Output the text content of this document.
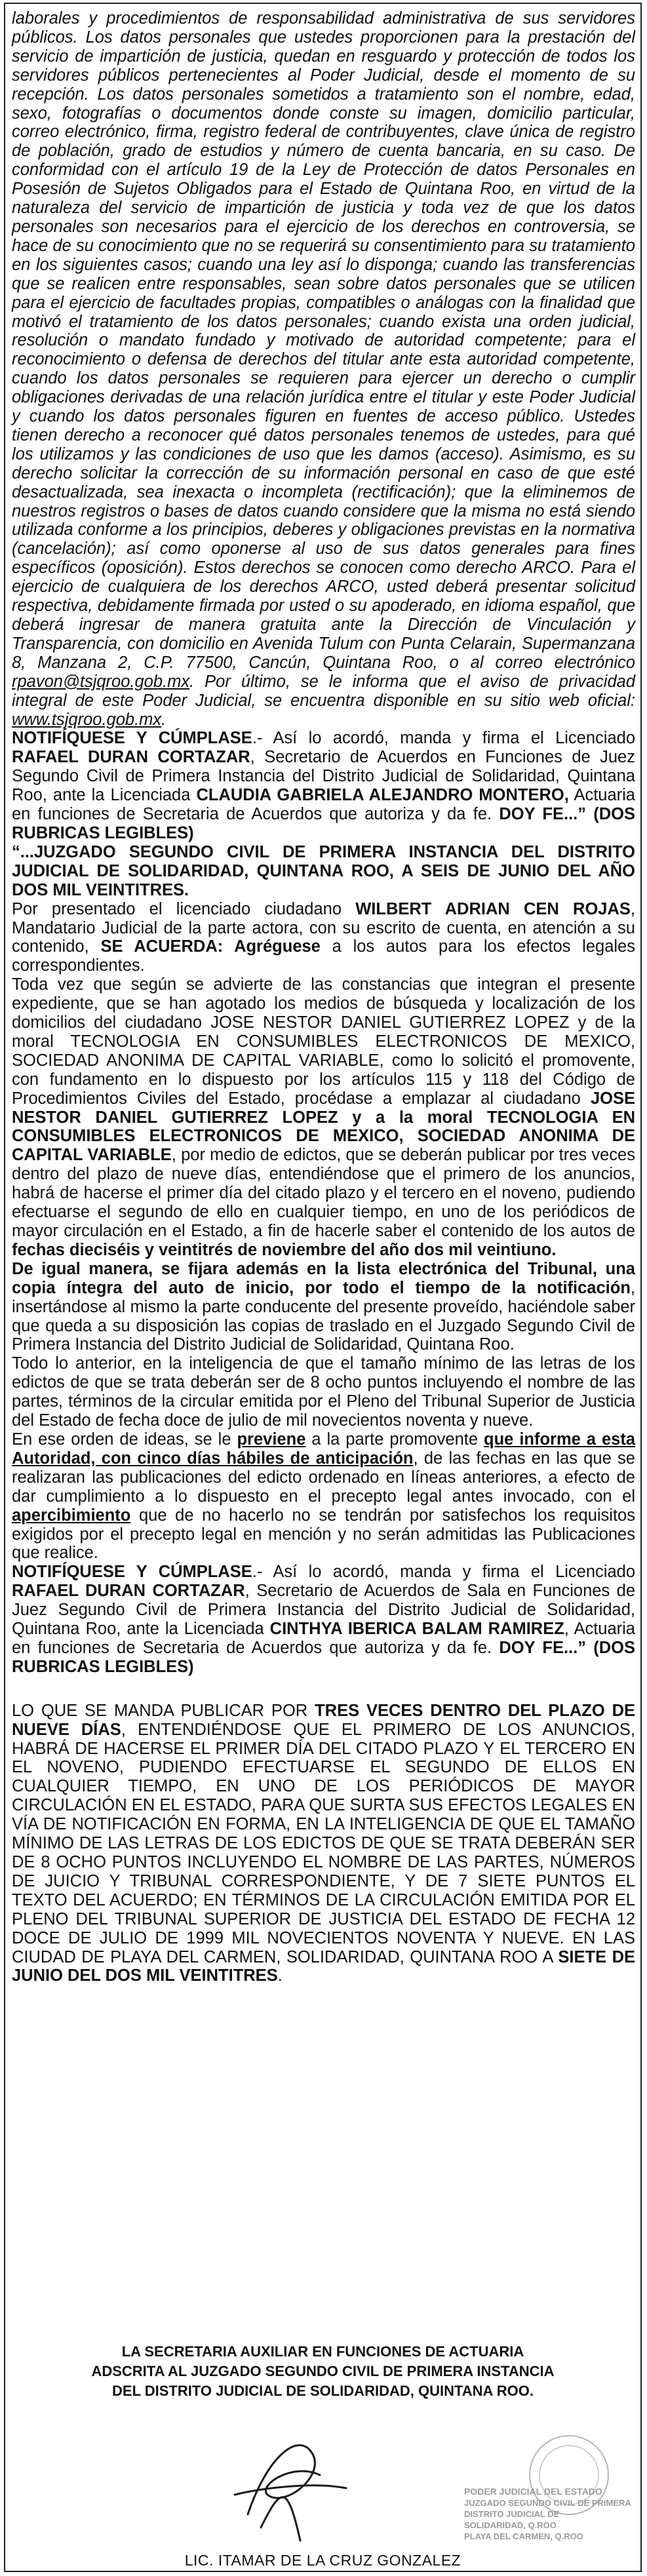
laborales y procedimientos de responsabilidad administrativa de sus servidores públicos. Los datos personales que ustedes proporcionen para la prestación del servicio de impartición de justicia, quedan en resguardo y protección de todos los servidores públicos pertenecientes al Poder Judicial, desde el momento de su recepción. Los datos personales sometidos a tratamiento son el nombre, edad, sexo, fotografías o documentos donde conste su imagen, domicilio particular, correo electrónico, firma, registro federal de contribuyentes, clave única de registro de población, grado de estudios y número de cuenta bancaria, en su caso. De conformidad con el artículo 19 de la Ley de Protección de datos Personales en Posesión de Sujetos Obligados para el Estado de Quintana Roo, en virtud de la naturaleza del servicio de impartición de justicia y toda vez de que los datos personales son necesarios para el ejercicio de los derechos en controversia, se hace de su conocimiento que no se requerirá su consentimiento para su tratamiento en los siguientes casos; cuando una ley así lo disponga; cuando las transferencias que se realicen entre responsables, sean sobre datos personales que se utilicen para el ejercicio de facultades propias, compatibles o análogas con la finalidad que motivó el tratamiento de los datos personales; cuando exista una orden judicial, resolución o mandato fundado y motivado de autoridad competente; para el reconocimiento o defensa de derechos del titular ante esta autoridad competente, cuando los datos personales se requieren para ejercer un derecho o cumplir obligaciones derivadas de una relación jurídica entre el titular y este Poder Judicial y cuando los datos personales figuren en fuentes de acceso público. Ustedes tienen derecho a reconocer qué datos personales tenemos de ustedes, para qué los utilizamos y las condiciones de uso que les damos (acceso). Asimismo, es su derecho solicitar la corrección de su información personal en caso de que esté desactualizada, sea inexacta o incompleta (rectificación); que la eliminemos de nuestros registros o bases de datos cuando considere que la misma no está siendo utilizada conforme a los principios, deberes y obligaciones previstas en la normativa (cancelación); así como oponerse al uso de sus datos generales para fines específicos (oposición). Estos derechos se conocen como derecho ARCO. Para el ejercicio de cualquiera de los derechos ARCO, usted deberá presentar solicitud respectiva, debidamente firmada por usted o su apoderado, en idioma español, que deberá ingresar de manera gratuita ante la Dirección de Vinculación y Transparencia, con domicilio en Avenida Tulum con Punta Celarain, Supermanzana 8, Manzana 2, C.P. 77500, Cancún, Quintana Roo, o al correo electrónico rpavon@tsjqroo.gob.mx. Por último, se le informa que el aviso de privacidad integral de este Poder Judicial, se encuentra disponible en su sitio web oficial: www.tsjqroo.gob.mx.

NOTIFÍQUESE Y CÚMPLASE.- Así lo acordó, manda y firma el Licenciado RAFAEL DURAN CORTAZAR, Secretario de Acuerdos en Funciones de Juez Segundo Civil de Primera Instancia del Distrito Judicial de Solidaridad, Quintana Roo, ante la Licenciada CLAUDIA GABRIELA ALEJANDRO MONTERO, Actuaria en funciones de Secretaria de Acuerdos que autoriza y da fe. DOY FE...” (DOS RUBRICAS LEGIBLES)

“...JUZGADO SEGUNDO CIVIL DE PRIMERA INSTANCIA DEL DISTRITO JUDICIAL DE SOLIDARIDAD, QUINTANA ROO, A SEIS DE JUNIO DEL AÑO DOS MIL VEINTITRES.

Por presentado el licenciado ciudadano WILBERT ADRIAN CEN ROJAS, Mandatario Judicial de la parte actora, con su escrito de cuenta, en atención a su contenido, SE ACUERDA: Agréguese a los autos para los efectos legales correspondientes.

Toda vez que según se advierte de las constancias que integran el presente expediente, que se han agotado los medios de búsqueda y localización de los domicilios del ciudadano JOSE NESTOR DANIEL GUTIERREZ LOPEZ y de la moral TECNOLOGIA EN CONSUMIBLES ELECTRONICOS DE MEXICO, SOCIEDAD ANONIMA DE CAPITAL VARIABLE, como lo solicitó el promovente, con fundamento en lo dispuesto por los artículos 115 y 118 del Código de Procedimientos Civiles del Estado, procédase a emplazar al ciudadano JOSE NESTOR DANIEL GUTIERREZ LOPEZ y a la moral TECNOLOGIA EN CONSUMIBLES ELECTRONICOS DE MEXICO, SOCIEDAD ANONIMA DE CAPITAL VARIABLE, por medio de edictos, que se deberán publicar por tres veces dentro del plazo de nueve días, entendiéndose que el primero de los anuncios, habrá de hacerse el primer día del citado plazo y el tercero en el noveno, pudiendo efectuarse el segundo de ello en cualquier tiempo, en uno de los periódicos de mayor circulación en el Estado, a fin de hacerle saber el contenido de los autos de fechas dieciséis y veintitrés de noviembre del año dos mil veintiuno.

De igual manera, se fijara además en la lista electrónica del Tribunal, una copia íntegra del auto de inicio, por todo el tiempo de la notificación, insertándose al mismo la parte conducente del presente proveído, haciéndole saber que queda a su disposición las copias de traslado en el Juzgado Segundo Civil de Primera Instancia del Distrito Judicial de Solidaridad, Quintana Roo.

Todo lo anterior, en la inteligencia de que el tamaño mínimo de las letras de los edictos de que se trata deberán ser de 8 ocho puntos incluyendo el nombre de las partes, términos de la circular emitida por el Pleno del Tribunal Superior de Justicia del Estado de fecha doce de julio de mil novecientos noventa y nueve.

En ese orden de ideas, se le previene a la parte promovente que informe a esta Autoridad, con cinco días hábiles de anticipación, de las fechas en las que se realizaran las publicaciones del edicto ordenado en líneas anteriores, a efecto de dar cumplimiento a lo dispuesto en el precepto legal antes invocado, con el apercibimiento que de no hacerlo no se tendrán por satisfechos los requisitos exigidos por el precepto legal en mención y no serán admitidas las Publicaciones que realice.

NOTIFÍQUESE Y CÚMPLASE.- Así lo acordó, manda y firma el Licenciado RAFAEL DURAN CORTAZAR, Secretario de Acuerdos de Sala en Funciones de Juez Segundo Civil de Primera Instancia del Distrito Judicial de Solidaridad, Quintana Roo, ante la Licenciada CINTHYA IBERICA BALAM RAMIREZ, Actuaria en funciones de Secretaria de Acuerdos que autoriza y da fe. DOY FE...” (DOS RUBRICAS LEGIBLES)

LO QUE SE MANDA PUBLICAR POR TRES VECES DENTRO DEL PLAZO DE NUEVE DÍAS, ENTENDIÉNDOSE QUE EL PRIMERO DE LOS ANUNCIOS, HABRÁ DE HACERSE EL PRIMER DÍA DEL CITADO PLAZO Y EL TERCERO EN EL NOVENO, PUDIENDO EFECTUARSE EL SEGUNDO DE ELLOS EN CUALQUIER TIEMPO, EN UNO DE LOS PERIÓDICOS DE MAYOR CIRCULACIÓN EN EL ESTADO, PARA QUE SURTA SUS EFECTOS LEGALES EN VÍA DE NOTIFICACIÓN EN FORMA, EN LA INTELIGENCIA DE QUE EL TAMAÑO MÍNIMO DE LAS LETRAS DE LOS EDICTOS DE QUE SE TRATA DEBERÁN SER DE 8 OCHO PUNTOS INCLUYENDO EL NOMBRE DE LAS PARTES, NÚMEROS DE JUICIO Y TRIBUNAL CORRESPONDIENTE, Y DE 7 SIETE PUNTOS EL TEXTO DEL ACUERDO; EN TÉRMINOS DE LA CIRCULACIÓN EMITIDA POR EL PLENO DEL TRIBUNAL SUPERIOR DE JUSTICIA DEL ESTADO DE FECHA 12 DOCE DE JULIO DE 1999 MIL NOVECIENTOS NOVENTA Y NUEVE. EN LAS CIUDAD DE PLAYA DEL CARMEN, SOLIDARIDAD, QUINTANA ROO A SIETE DE JUNIO DEL DOS MIL VEINTITRES.

LA SECRETARIA AUXILIAR EN FUNCIONES DE ACTUARIA
ADSCRITA AL JUZGADO SEGUNDO CIVIL DE PRIMERA INSTANCIA
DEL DISTRITO JUDICIAL DE SOLIDARIDAD, QUINTANA ROO.
PODER JUDICIAL DEL ESTADO
JUZGADO SEGUNDO CIVIL DE PRIMERA
DISTRITO JUDICIAL DE
SOLIDARIDAD, Q.ROO
PLAYA DEL CARMEN, Q.ROO
LIC. ITAMAR DE LA CRUZ GONZALEZ
